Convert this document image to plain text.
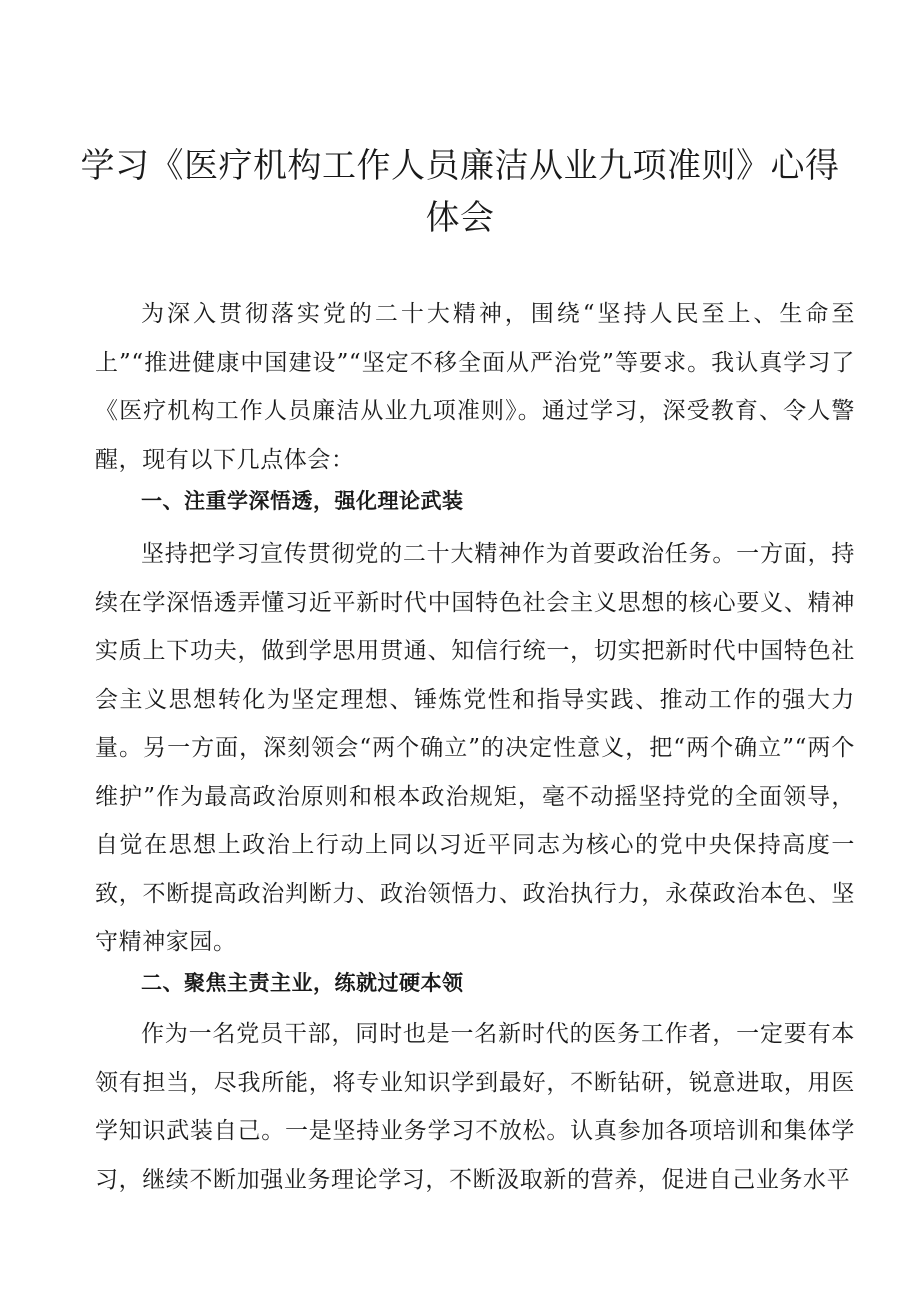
学习《医疗机构工作人员廉洁从业九项准则》心得体会

为深入贯彻落实党的二十大精神，围绕“坚持人民至上、生命至上”“推进健康中国建设”“坚定不移全面从严治党”等要求。我认真学习了《医疗机构工作人员廉洁从业九项准则》。通过学习，深受教育、令人警醒，现有以下几点体会：

一、注重学深悟透，强化理论武装

坚持把学习宣传贯彻党的二十大精神作为首要政治任务。一方面，持续在学深悟透弄懂习近平新时代中国特色社会主义思想的核心要义、精神实质上下功夫，做到学思用贯通、知信行统一，切实把新时代中国特色社会主义思想转化为坚定理想、锤炼党性和指导实践、推动工作的强大力量。另一方面，深刻领会“两个确立”的决定性意义，把“两个确立”“两个维护”作为最高政治原则和根本政治规矩，毫不动摇坚持党的全面领导，自觉在思想上政治上行动上同以习近平同志为核心的党中央保持高度一致，不断提高政治判断力、政治领悟力、政治执行力，永葆政治本色、坚守精神家园。

二、聚焦主责主业，练就过硬本领

作为一名党员干部，同时也是一名新时代的医务工作者，一定要有本领有担当，尽我所能，将专业知识学到最好，不断钻研，锐意进取，用医学知识武装自己。一是坚持业务学习不放松。认真参加各项培训和集体学习，继续不断加强业务理论学习，不断汲取新的营养，促进自己业务水平
